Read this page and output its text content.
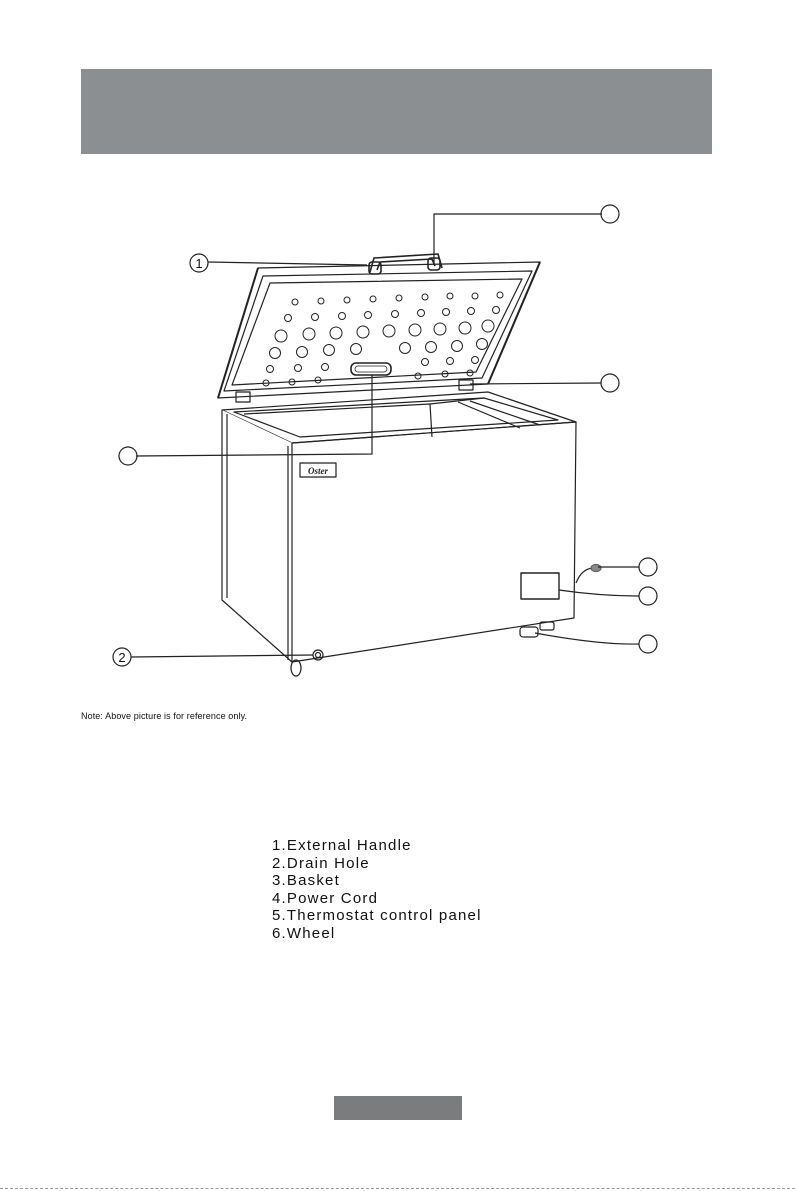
Oster
1
2
Note: Above picture is for reference only.
1.External Handle
2.Drain Hole
3.Basket
4.Power Cord
5.Thermostat control panel
6.Wheel
